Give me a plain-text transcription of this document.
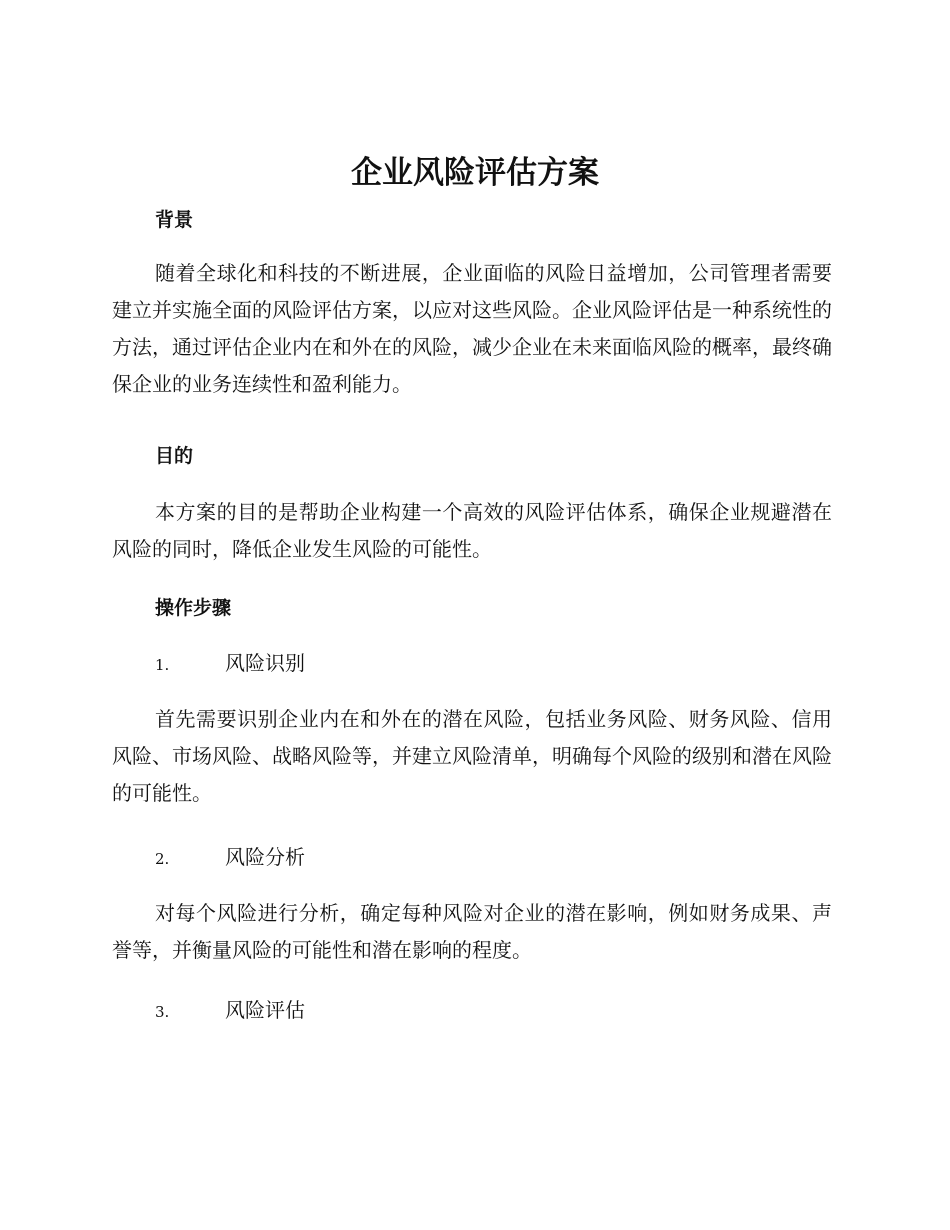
企业风险评估方案
背景

随着全球化和科技的不断进展，企业面临的风险日益增加，公司管理者需要建立并实施全面的风险评估方案，以应对这些风险。企业风险评估是一种系统性的方法，通过评估企业内在和外在的风险，减少企业在未来面临风险的概率，最终确保企业的业务连续性和盈利能力。

目的

本方案的目的是帮助企业构建一个高效的风险评估体系，确保企业规避潜在风险的同时，降低企业发生风险的可能性。

操作步骤
1.	风险识别

首先需要识别企业内在和外在的潜在风险，包括业务风险、财务风险、信用风险、市场风险、战略风险等，并建立风险清单，明确每个风险的级别和潜在风险的可能性。

2.	风险分析

对每个风险进行分析，确定每种风险对企业的潜在影响，例如财务成果、声誉等，并衡量风险的可能性和潜在影响的程度。

3.	风险评估
